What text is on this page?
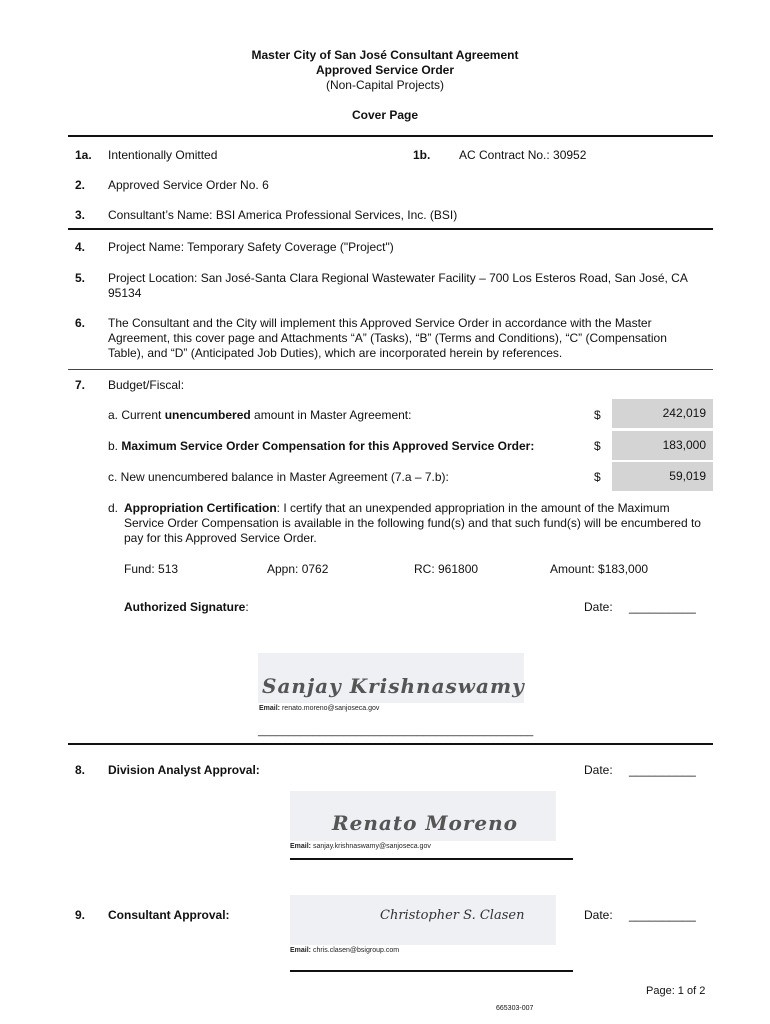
Master City of San José Consultant Agreement
Approved Service Order
(Non-Capital Projects)
Cover Page
1a. Intentionally Omitted	1b. AC Contract No.: 30952
2. Approved Service Order No. 6
3. Consultant’s Name: BSI America Professional Services, Inc. (BSI)
4. Project Name: Temporary Safety Coverage ("Project")
5. Project Location: San José-Santa Clara Regional Wastewater Facility – 700 Los Esteros Road, San José, CA 95134
6. The Consultant and the City will implement this Approved Service Order in accordance with the Master Agreement, this cover page and Attachments “A” (Tasks), “B” (Terms and Conditions), “C” (Compensation Table), and “D” (Anticipated Job Duties), which are incorporated herein by references.
7. Budget/Fiscal:
a. Current unencumbered amount in Master Agreement:	$	242,019
b. Maximum Service Order Compensation for this Approved Service Order:	$	183,000
c. New unencumbered balance in Master Agreement (7.a – 7.b):	$	59,019
d. Appropriation Certification: I certify that an unexpended appropriation in the amount of the Maximum Service Order Compensation is available in the following fund(s) and that such fund(s) will be encumbered to pay for this Approved Service Order.
Fund: 513	Appn: 0762	RC: 961800	Amount: $183,000
Authorized Signature:	Date: __________
Sanjay Krishnaswamy
Email: renato.moreno@sanjoseca.gov
_____________________________________________
8. Division Analyst Approval:	Date: __________
Renato Moreno
Email: sanjay.krishnaswamy@sanjoseca.gov
9. Consultant Approval:	Date: __________
Christopher S. Clasen
Email: chris.clasen@bsigroup.com
Page: 1 of 2
665303-007
